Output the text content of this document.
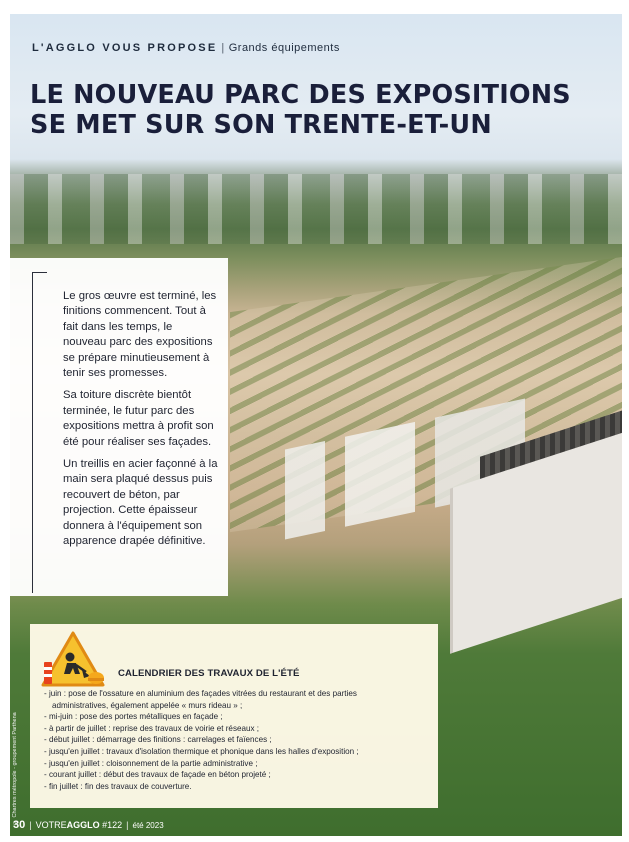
L'AGGLO VOUS PROPOSE | Grands équipements
LE NOUVEAU PARC DES EXPOSITIONS
SE MET SUR SON TRENTE-ET-UN

Le gros œuvre est terminé, les finitions commencent. Tout à fait dans les temps, le nouveau parc des expositions se prépare minutieusement à tenir ses promesses.

Sa toiture discrète bientôt terminée, le futur parc des expositions mettra à profit son été pour réaliser ses façades.

Un treillis en acier façonné à la main sera plaqué dessus puis recouvert de béton, par projection. Cette épaisseur donnera à l'équipement son apparence drapée définitive.

CALENDRIER DES TRAVAUX DE L'ÉTÉ
- juin : pose de l'ossature en aluminium des façades vitrées du restaurant et des parties
administratives, également appelée « murs rideau » ;
- mi-juin : pose des portes métalliques en façade ;
- à partir de juillet : reprise des travaux de voirie et réseaux ;
- début juillet : démarrage des finitions : carrelages et faïences ;
- jusqu'en juillet : travaux d'isolation thermique et phonique dans les halles d'exposition ;
- jusqu'en juillet : cloisonnement de la partie administrative ;
- courant juillet : début des travaux de façade en béton projeté ;
- fin juillet : fin des travaux de couverture.
© Chartres métropole - groupement Parthena
30 | VOTREAGGLO #122 | été 2023
